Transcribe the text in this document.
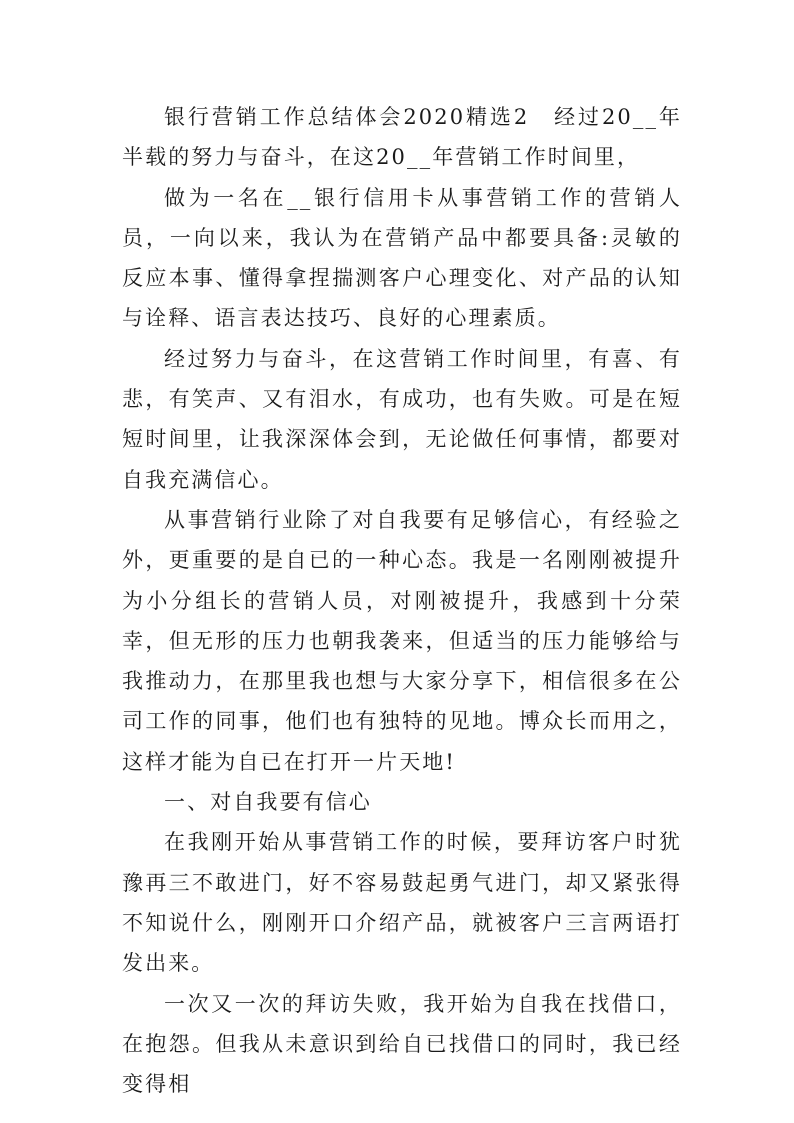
银行营销工作总结体会2020精选2　经过20__年半载的努力与奋斗，在这20__年营销工作时间里，

做为一名在__银行信用卡从事营销工作的营销人员，一向以来，我认为在营销产品中都要具备:灵敏的反应本事、懂得拿捏揣测客户心理变化、对产品的认知与诠释、语言表达技巧、良好的心理素质。

经过努力与奋斗，在这营销工作时间里，有喜、有悲，有笑声、又有泪水，有成功，也有失败。可是在短短时间里，让我深深体会到，无论做任何事情，都要对自我充满信心。

从事营销行业除了对自我要有足够信心，有经验之外，更重要的是自已的一种心态。我是一名刚刚被提升为小分组长的营销人员，对刚被提升，我感到十分荣幸，但无形的压力也朝我袭来，但适当的压力能够给与我推动力，在那里我也想与大家分享下，相信很多在公司工作的同事，他们也有独特的见地。博众长而用之，这样才能为自已在打开一片天地!

一、对自我要有信心

在我刚开始从事营销工作的时候，要拜访客户时犹豫再三不敢进门，好不容易鼓起勇气进门，却又紧张得不知说什么，刚刚开口介绍产品，就被客户三言两语打发出来。

一次又一次的拜访失败，我开始为自我在找借口，在抱怨。但我从未意识到给自已找借口的同时，我已经变得相
